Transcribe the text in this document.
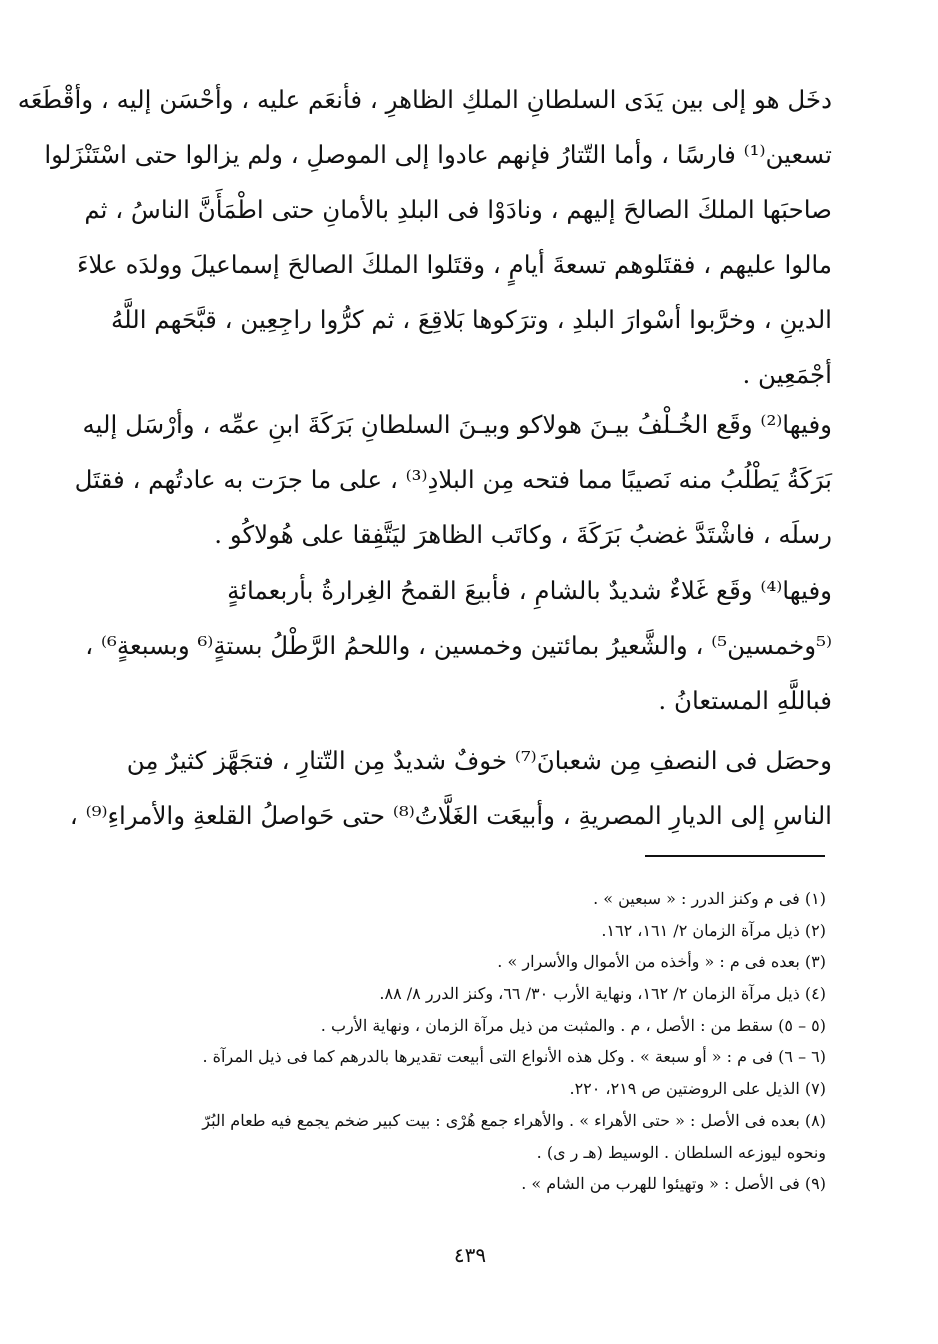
دخَل هو إلى بين يَدَى السلطانِ الملكِ الظاهرِ ، فأنعَم عليه ، وأحْسَن إليه ، وأقْطَعَه
تسعين⁽¹⁾ فارسًا ، وأما التّتارُ فإنهم عادوا إلى الموصلِ ، ولم يزالوا حتى اسْتَنْزَلوا
صاحبَها الملكَ الصالحَ إليهم ، ونادَوْا فى البلدِ بالأمانِ حتى اطْمَأَنَّ الناسُ ، ثم
مالوا عليهم ، فقتَلوهم تسعةَ أيامٍ ، وقتَلوا الملكَ الصالحَ إسماعيلَ وولدَه علاءَ
الدينِ ، وخرَّبوا أسْوارَ البلدِ ، وترَكوها بَلاقِعَ ، ثم كرُّوا راجِعِين ، قبَّحَهم اللَّهُ
أجْمَعِين .
وفيها⁽²⁾ وقَع الخُـلْفُ بيـنَ هولاكو وبيـنَ السلطانِ بَرَكَةَ ابنِ عمِّه ، وأرْسَل إليه
بَرَكَةُ يَطْلُبُ منه نَصيبًا مما فتحه مِن البلادِ⁽³⁾ ، على ما جرَت به عادتُهم ، فقتَل
رسلَه ، فاشْتَدَّ غضبُ بَرَكَةَ ، وكاتَب الظاهرَ ليَتَّفِقا على هُولاكُو .
وفيها⁽⁴⁾ وقَع غَلاءٌ شديدٌ بالشامِ ، فأبيعَ القمحُ الغِرارةُ بأربعمائةٍ
⁽⁵وخمسين⁵⁾ ، والشَّعيرُ بمائتين وخمسين ، واللحمُ الرَّطْلُ بستةٍ⁽⁶ وبسبعةٍ⁶⁾ ،
فباللَّهِ المستعانُ .
وحصَل فى النصفِ مِن شعبانَ⁽⁷⁾ خوفٌ شديدٌ مِن التّتارِ ، فتجَهَّز كثيرٌ مِن
الناسِ إلى الديارِ المصريةِ ، وأبيعَت الغَلَّاتُ⁽⁸⁾ حتى حَواصلُ القلعةِ والأمراءِ⁽⁹⁾ ،
(١) فى م وكنز الدرر : « سبعين » .
(٢) ذيل مرآة الزمان ٢/ ١٦١، ١٦٢.
(٣) بعده فى م : « وأخذه من الأموال والأسرار » .
(٤) ذيل مرآة الزمان ٢/ ١٦٢، ونهاية الأرب ٣٠/ ٦٦، وكنز الدرر ٨/ ٨٨.
(٥ – ٥) سقط من : الأصل ، م . والمثبت من ذيل مرآة الزمان ، ونهاية الأرب .
(٦ – ٦) فى م : « أو سبعة » . وكل هذه الأنواع التى أبيعت تقديرها بالدرهم كما فى ذيل المرآة .
(٧) الذيل على الروضتين ص ٢١٩، ٢٢٠.
(٨) بعده فى الأصل : « حتى الأهراء » . والأهراء جمع هُرْى : بيت كبير ضخم يجمع فيه طعام البُرّ
ونحوه ليوزعه السلطان . الوسيط (هـ ر ى) .
(٩) فى الأصل : « وتهيئوا للهرب من الشام » .
٤٣٩
